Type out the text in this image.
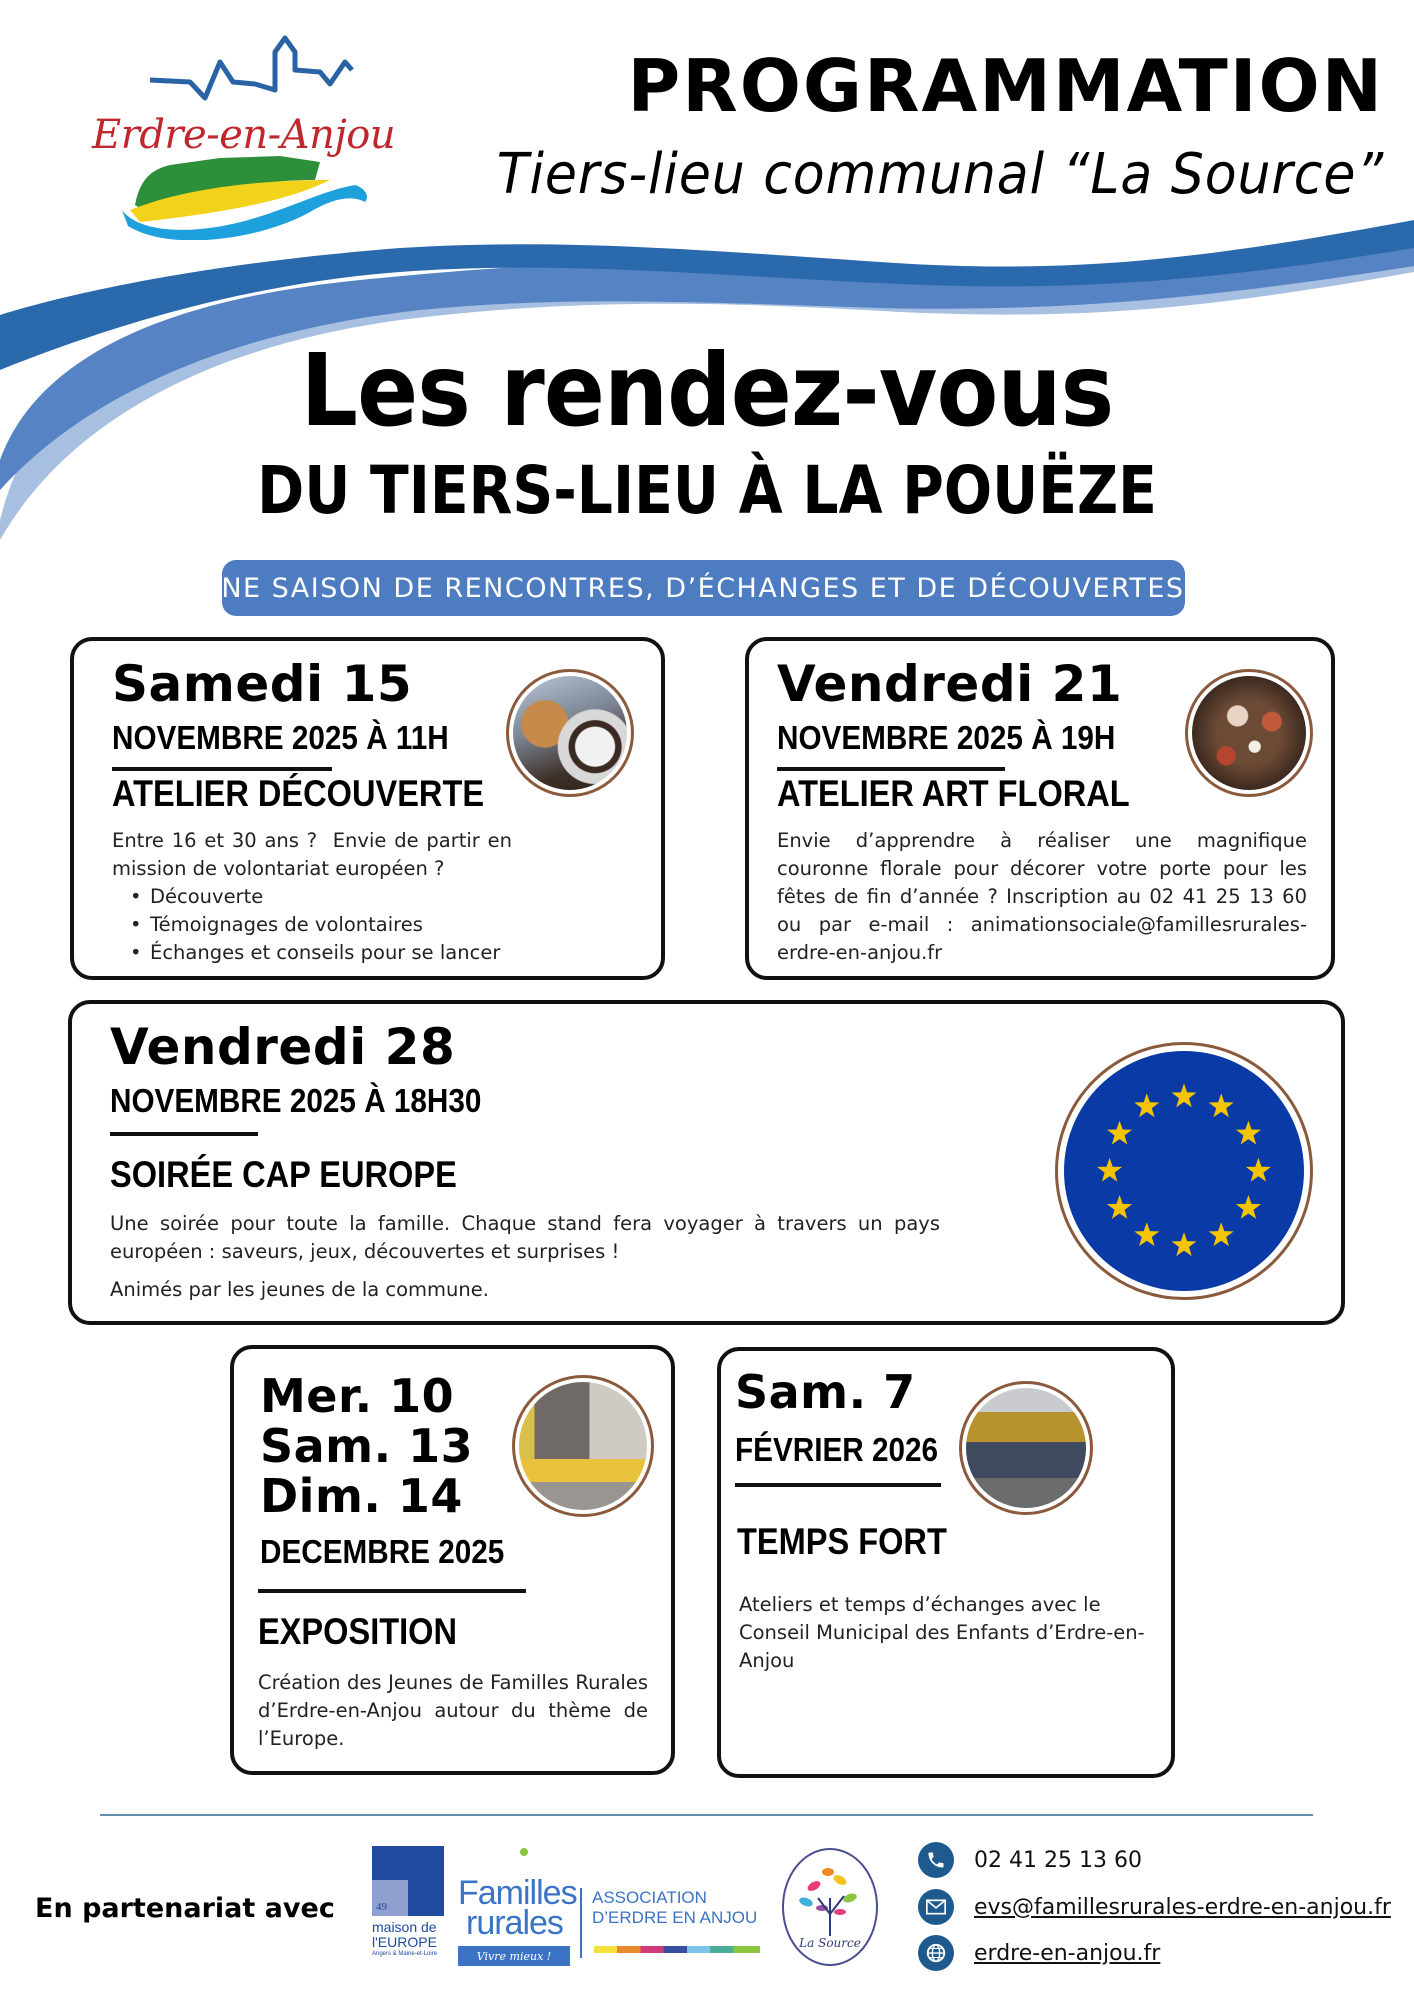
Erdre-en-Anjou
PROGRAMMATION
Tiers-lieu communal “La Source”
Les rendez-vous
DU TIERS-LIEU À LA POUËZE
UNE SAISON DE RENCONTRES, D’ÉCHANGES ET DE DÉCOUVERTES !
Samedi 15
NOVEMBRE 2025 À 11H
ATELIER DÉCOUVERTE
Entre 16 et 30 ans ?  Envie de partir en mission de volontariat européen ?
• Découverte
• Témoignages de volontaires
• Échanges et conseils pour se lancer
Vendredi 21
NOVEMBRE 2025 À 19H
ATELIER ART FLORAL
Envie d’apprendre à réaliser une magnifique couronne florale pour décorer votre porte pour les fêtes de fin d’année ? Inscription au 02 41 25 13 60 ou par e-mail : animationsociale@famillesrurales-erdre-en-anjou.fr
Vendredi 28
NOVEMBRE 2025 À 18H30
SOIRÉE CAP EUROPE
Une soirée pour toute la famille. Chaque stand fera voyager à travers un pays européen : saveurs, jeux, découvertes et surprises !
Animés par les jeunes de la commune.
Mer. 10
Sam. 13
Dim. 14
DECEMBRE 2025
EXPOSITION
Création des Jeunes de Familles Rurales d’Erdre-en-Anjou autour du thème de l’Europe.
Sam. 7
FÉVRIER 2026
TEMPS FORT
Ateliers et temps d’échanges avec le Conseil Municipal des Enfants d’Erdre-en-Anjou
En partenariat avec	49
maison de
l'EUROPE
Angers & Maine-et-Loire
Familles
rurales
Vivre mieux !
ASSOCIATION
D’ERDRE EN ANJOU
La Source
02 41 25 13 60
evs@famillesrurales-erdre-en-anjou.fr
erdre-en-anjou.fr
